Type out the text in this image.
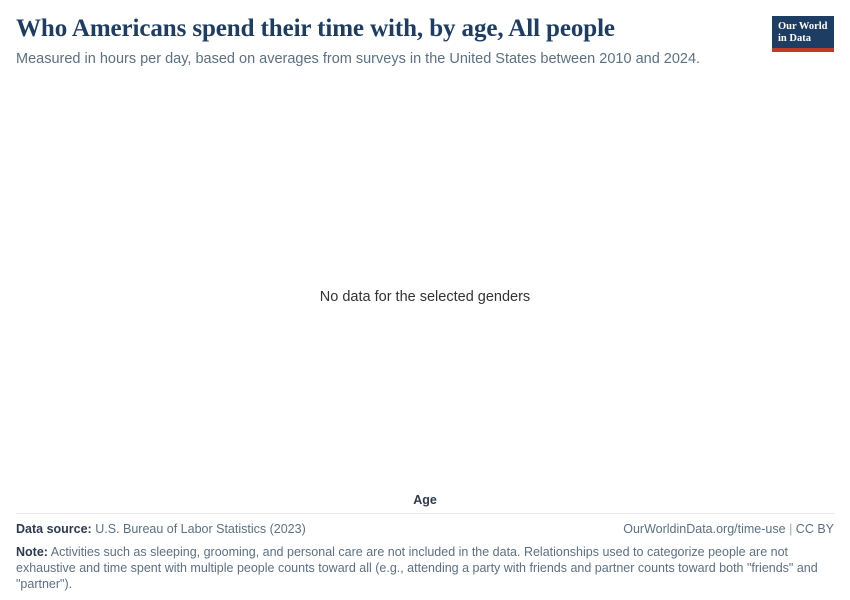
Who Americans spend their time with, by age, All people

Measured in hours per day, based on averages from surveys in the United States between 2010 and 2024.

Our World
in Data
No data for the selected genders
Age
Data source: U.S. Bureau of Labor Statistics (2023)	OurWorldinData.org/time-use | CC BY
Note: Activities such as sleeping, grooming, and personal care are not included in the data. Relationships used to categorize people are not exhaustive and time spent with multiple people counts toward all (e.g., attending a party with friends and partner counts toward both "friends" and "partner").
